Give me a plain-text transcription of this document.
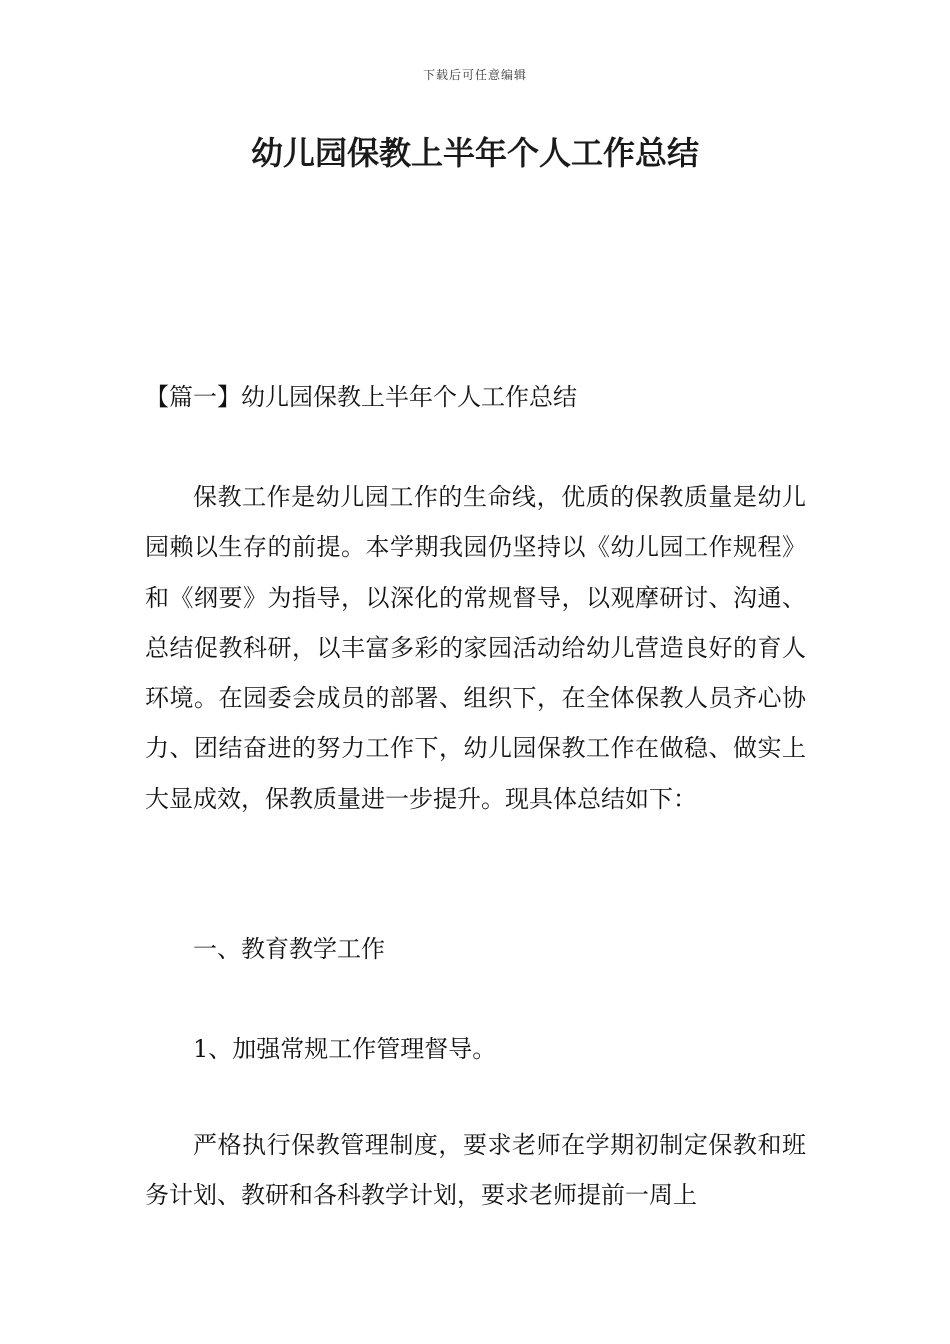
下载后可任意编辑
幼儿园保教上半年个人工作总结

【篇一】幼儿园保教上半年个人工作总结

保教工作是幼儿园工作的生命线，优质的保教质量是幼儿园赖以生存的前提。本学期我园仍坚持以《幼儿园工作规程》和《纲要》为指导，以深化的常规督导，以观摩研讨、沟通、总结促教科研，以丰富多彩的家园活动给幼儿营造良好的育人环境。在园委会成员的部署、组织下，在全体保教人员齐心协力、团结奋进的努力工作下，幼儿园保教工作在做稳、做实上大显成效，保教质量进一步提升。现具体总结如下：

一、教育教学工作

1、加强常规工作管理督导。

严格执行保教管理制度，要求老师在学期初制定保教和班务计划、教研和各科教学计划，要求老师提前一周上
